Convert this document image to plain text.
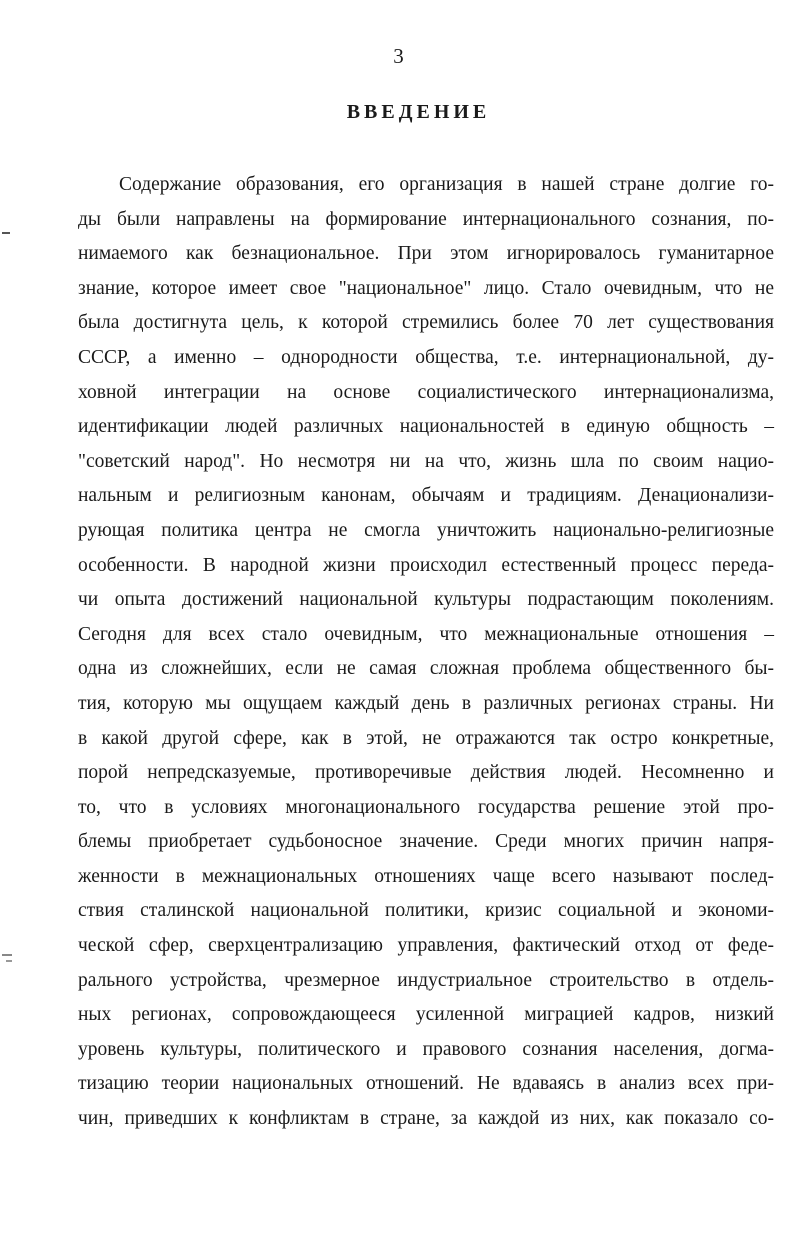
3
ВВЕДЕНИЕ
Содержание образования, его организация в нашей стране долгие го-
ды были направлены на формирование интернационального сознания, по-
нимаемого как безнациональное. При этом игнорировалось гуманитарное
знание, которое имеет свое "национальное" лицо. Стало очевидным, что не
была достигнута цель, к которой стремились более 70 лет существования
СССР, а именно – однородности общества, т.е. интернациональной, ду-
ховной интеграции на основе социалистического интернационализма,
идентификации людей различных национальностей в единую общность –
"советский народ". Но несмотря ни на что, жизнь шла по своим нацио-
нальным и религиозным канонам, обычаям и традициям. Денационализи-
рующая политика центра не смогла уничтожить национально-религиозные
особенности. В народной жизни происходил естественный процесс переда-
чи опыта достижений национальной культуры подрастающим поколениям.
Сегодня для всех стало очевидным, что межнациональные отношения –
одна из сложнейших, если не самая сложная проблема общественного бы-
тия, которую мы ощущаем каждый день в различных регионах страны. Ни
в какой другой сфере, как в этой, не отражаются так остро конкретные,
порой непредсказуемые, противоречивые действия людей. Несомненно и
то, что в условиях многонационального государства решение этой про-
блемы приобретает судьбоносное значение. Среди многих причин напря-
женности в межнациональных отношениях чаще всего называют послед-
ствия сталинской национальной политики, кризис социальной и экономи-
ческой сфер, сверхцентрализацию управления, фактический отход от феде-
рального устройства, чрезмерное индустриальное строительство в отдель-
ных регионах, сопровождающееся усиленной миграцией кадров, низкий
уровень культуры, политического и правового сознания населения, догма-
тизацию теории национальных отношений. Не вдаваясь в анализ всех при-
чин, приведших к конфликтам в стране, за каждой из них, как показало со-
